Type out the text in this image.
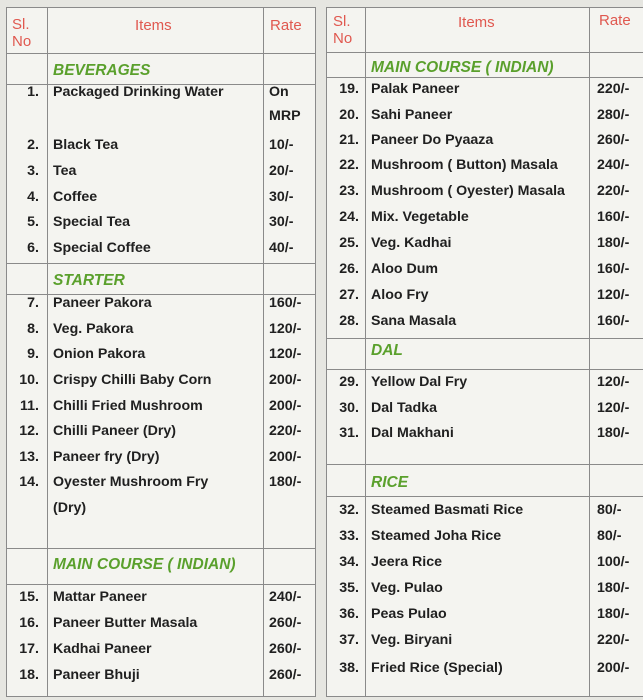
Sl.
No
Items	Rate
BEVERAGES
1. Packaged Drinking Water	On
MRP
2. Black Tea	10/-
3. Tea	20/-
4. Coffee	30/-
5. Special Tea	30/-
6. Special Coffee	40/-
STARTER
7. Paneer Pakora	160/-
8. Veg. Pakora	120/-
9. Onion Pakora	120/-
10. Crispy Chilli Baby Corn	200/-
11. Chilli Fried Mushroom	200/-
12. Chilli Paneer (Dry)	220/-
13. Paneer fry (Dry)	200/-
14. Oyester Mushroom Fry	180/-
(Dry)
MAIN COURSE ( INDIAN)
15. Mattar Paneer	240/-
16. Paneer Butter Masala	260/-
17. Kadhai Paneer	260/-
18. Paneer Bhuji	260/-
Sl.
No
Items	Rate
MAIN COURSE ( INDIAN)
19. Palak Paneer	220/-
20. Sahi Paneer	280/-
21. Paneer Do Pyaaza	260/-
22. Mushroom ( Button) Masala	240/-
23. Mushroom ( Oyester) Masala 220/-
24. Mix. Vegetable	160/-
25. Veg. Kadhai	180/-
26. Aloo Dum	160/-
27. Aloo Fry	120/-
28. Sana Masala	160/-
DAL
29. Yellow Dal Fry	120/-
30. Dal Tadka	120/-
31. Dal Makhani	180/-
RICE
32. Steamed Basmati Rice	80/-
33. Steamed Joha Rice	80/-
34. Jeera Rice	100/-
35. Veg. Pulao	180/-
36. Peas Pulao	180/-
37. Veg. Biryani	220/-
38. Fried Rice (Special)	200/-
